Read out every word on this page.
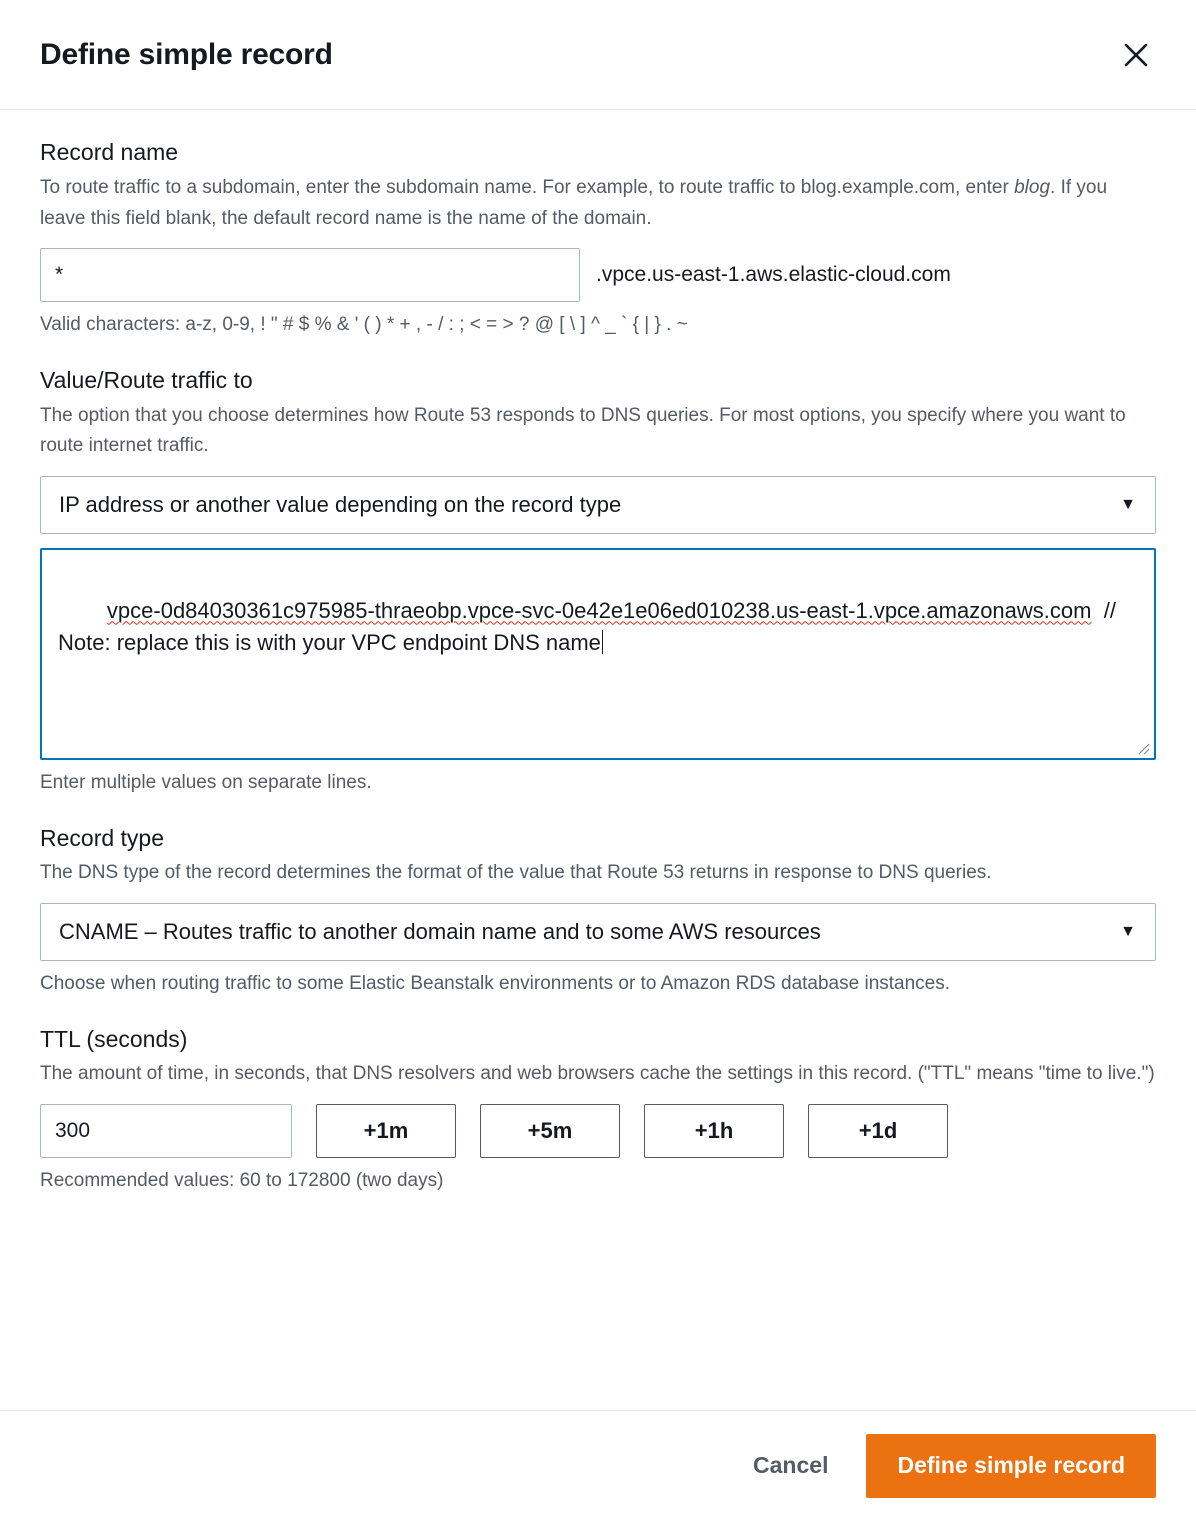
Define simple record
Record name
To route traffic to a subdomain, enter the subdomain name. For example, to route traffic to blog.example.com, enter blog. If you leave this field blank, the default record name is the name of the domain.
*
.vpce.us-east-1.aws.elastic-cloud.com
Valid characters: a-z, 0-9, ! " # $ % & ' ( ) * + , - / : ; < = > ? @ [ \ ] ^ _ ` { | } . ~
Value/Route traffic to
The option that you choose determines how Route 53 responds to DNS queries. For most options, you specify where you want to route internet traffic.
IP address or another value depending on the record type	▼

vpce-0d84030361c975985-thraeobp.vpce-svc-0e42e1e06ed010238.us-east-1.vpce.amazonaws.com // Note: replace this is with your VPC endpoint DNS name

Enter multiple values on separate lines.
Record type
The DNS type of the record determines the format of the value that Route 53 returns in response to DNS queries.
CNAME – Routes traffic to another domain name and to some AWS resources	▼
Choose when routing traffic to some Elastic Beanstalk environments or to Amazon RDS database instances.
TTL (seconds)
The amount of time, in seconds, that DNS resolvers and web browsers cache the settings in this record. ("TTL" means "time to live.")
300
+1m	+5m	+1h	+1d
Recommended values: 60 to 172800 (two days)
Cancel	Define simple record
